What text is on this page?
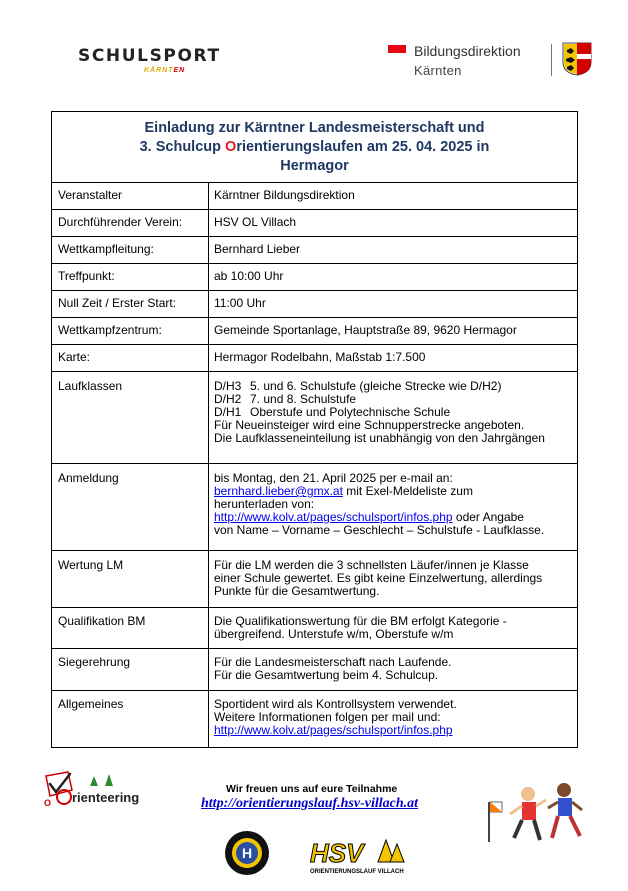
SCHULSPORT
KÄRNTEN
Bildungsdirektion
Kärnten
Einladung zur Kärntner Landesmeisterschaft und
3. Schulcup Orientierungslaufen am 25. 04. 2025 in
Hermagor
Veranstalter	Kärntner Bildungsdirektion
Durchführender Verein:	HSV OL Villach
Wettkampfleitung:	Bernhard Lieber
Treffpunkt:	ab 10:00 Uhr
Null Zeit / Erster Start:	11:00 Uhr
Wettkampfzentrum:	Gemeinde Sportanlage, Hauptstraße 89, 9620 Hermagor
Karte:	Hermagor Rodelbahn, Maßstab 1:7.500
Laufklassen	D/H3 5. und 6. Schulstufe (gleiche Strecke wie D/H2)
D/H2 7. und 8. Schulstufe
D/H1 Oberstufe und Polytechnische Schule
Für Neueinsteiger wird eine Schnupperstrecke angeboten.
Die Laufklasseneinteilung ist unabhängig von den Jahrgängen
Anmeldung	bis Montag, den 21. April 2025 per e-mail an:
bernhard.lieber@gmx.at mit Exel-Meldeliste zum
herunterladen von:
http://www.kolv.at/pages/schulsport/infos.php oder Angabe
von Name – Vorname – Geschlecht – Schulstufe - Laufklasse.
Wertung LM	Für die LM werden die 3 schnellsten Läufer/innen je Klasse
einer Schule gewertet. Es gibt keine Einzelwertung, allerdings
Punkte für die Gesamtwertung.
Qualifikation BM	Die Qualifikationswertung für die BM erfolgt Kategorie -
übergreifend. Unterstufe w/m, Oberstufe w/m
Siegerehrung	Für die Landesmeisterschaft nach Laufende.
Für die Gesamtwertung beim 4. Schulcup.
Allgemeines	Sportident wird als Kontrollsystem verwendet.
Weitere Informationen folgen per mail und:
http://www.kolv.at/pages/schulsport/infos.php
O rienteering
Wir freuen uns auf eure Teilnahme
http://orientierungslauf.hsv-villach.at
H HSV
ORIENTIERUNGSLAUF VILLACH
